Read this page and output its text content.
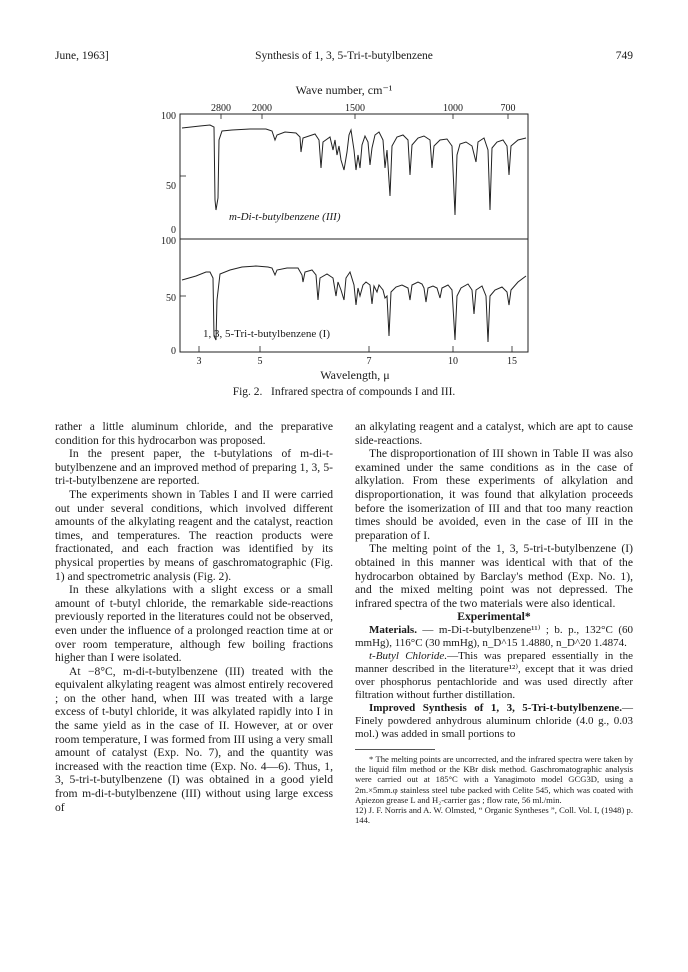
June, 1963]	Synthesis of 1, 3, 5-Tri-t-butylbenzene	749
Wave number, cm⁻¹
2800 2000	1500	1000	700
100
50
0
100
50
0
m-Di-t-butylbenzene (III)
1, 3, 5-Tri-t-butylbenzene (I)
3	5	7	10	15
Wavelength, μ
Fig. 2.   Infrared spectra of compounds I and III.

rather a little aluminum chloride, and the preparative condition for this hydrocarbon was proposed.

In the present paper, the t-butylations of m-di-t-butylbenzene and an improved method of preparing 1, 3, 5-tri-t-butylbenzene are reported.

The experiments shown in Tables I and II were carried out under several conditions, which involved different amounts of the alkylating reagent and the catalyst, reaction times, and temperatures. The reaction products were fractionated, and each fraction was identified by its physical properties by means of gaschromatographic (Fig. 1) and spectrometric analysis (Fig. 2).

In these alkylations with a slight excess or a small amount of t-butyl chloride, the remarkable side-reactions previously reported in the literatures could not be observed, even under the influence of a prolonged reaction time at or over room temperature, although few boiling fractions higher than I were isolated.

At −8°C, m-di-t-butylbenzene (III) treated with the equivalent alkylating reagent was almost entirely recovered ; on the other hand, when III was treated with a large excess of t-butyl chloride, it was alkylated rapidly into I in the same yield as in the case of II. However, at or over room temperature, I was formed from III using a very small amount of catalyst (Exp. No. 7), and the quantity was increased with the reaction time (Exp. No. 4—6). Thus, 1, 3, 5-tri-t-butylbenzene (I) was obtained in a good yield from m-di-t-butylbenzene (III) without using large excess of

an alkylating reagent and a catalyst, which are apt to cause side-reactions.

The disproportionation of III shown in Table II was also examined under the same conditions as in the case of alkylation. From these experiments of alkylation and disproportionation, it was found that alkylation proceeds before the isomerization of III and that too many reaction times should be avoided, even in the case of III in the preparation of I.

The melting point of the 1, 3, 5-tri-t-butylbenzene (I) obtained in this manner was identical with that of the hydrocarbon obtained by Barclay's method (Exp. No. 1), and the mixed melting point was not depressed. The infrared spectra of the two materials were also identical.

Experimental*

Materials. — m-Di-t-butylbenzene¹¹⁾ ; b. p., 132°C (60 mmHg), 116°C (30 mmHg), n_D^15 1.4880, n_D^20 1.4874.

t-Butyl Chloride.—This was prepared essentially in the manner described in the literature¹²⁾, except that it was dried over phosphorus pentachloride and was used directly after filtration without further distillation.

Improved Synthesis of 1, 3, 5-Tri-t-butylbenzene.—Finely powdered anhydrous aluminum chloride (4.0 g., 0.03 mol.) was added in small portions to

* The melting points are uncorrected, and the infrared spectra were taken by the liquid film method or the KBr disk method. Gaschromatographic analysis were carried out at 185°C with a Yanagimoto model GCG3D, using a 2m.×5mm.φ stainless steel tube packed with Celite 545, which was coated with Apiezon grease L and H₂-carrier gas ; flow rate, 56 ml./min.

12) J. F. Norris and A. W. Olmsted, “ Organic Syntheses ”, Coll. Vol. I, (1948) p. 144.
